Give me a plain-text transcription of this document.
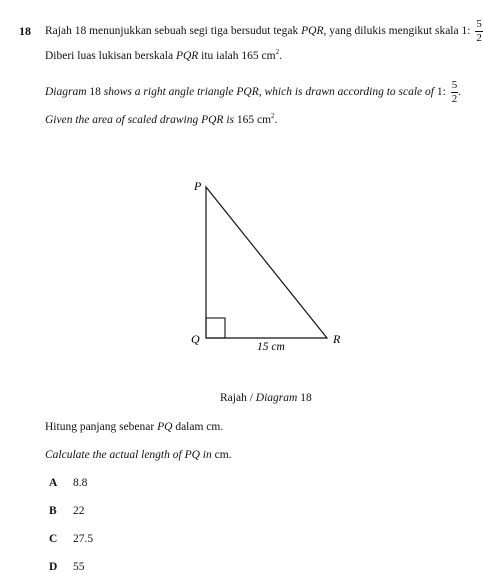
18 Rajah 18 menunjukkan sebuah segi tiga bersudut tegak PQR, yang dilukis mengikut skala 1: $\frac{5}{2}$
Diberi luas lukisan berskala PQR itu ialah 165 $cm^2$.
Diagram 18 shows a right angle triangle PQR, which is drawn according to scale of 1: $\frac{5}{2}$ .
Given the area of scaled drawing PQR is 165 $cm^2$.
P
Q	R
15 cm
Rajah / Diagram 18
Hitung panjang sebenar PQ dalam cm.
Calculate the actual length of PQ in cm.
A 8.8
B 22
C 27.5
D 55
